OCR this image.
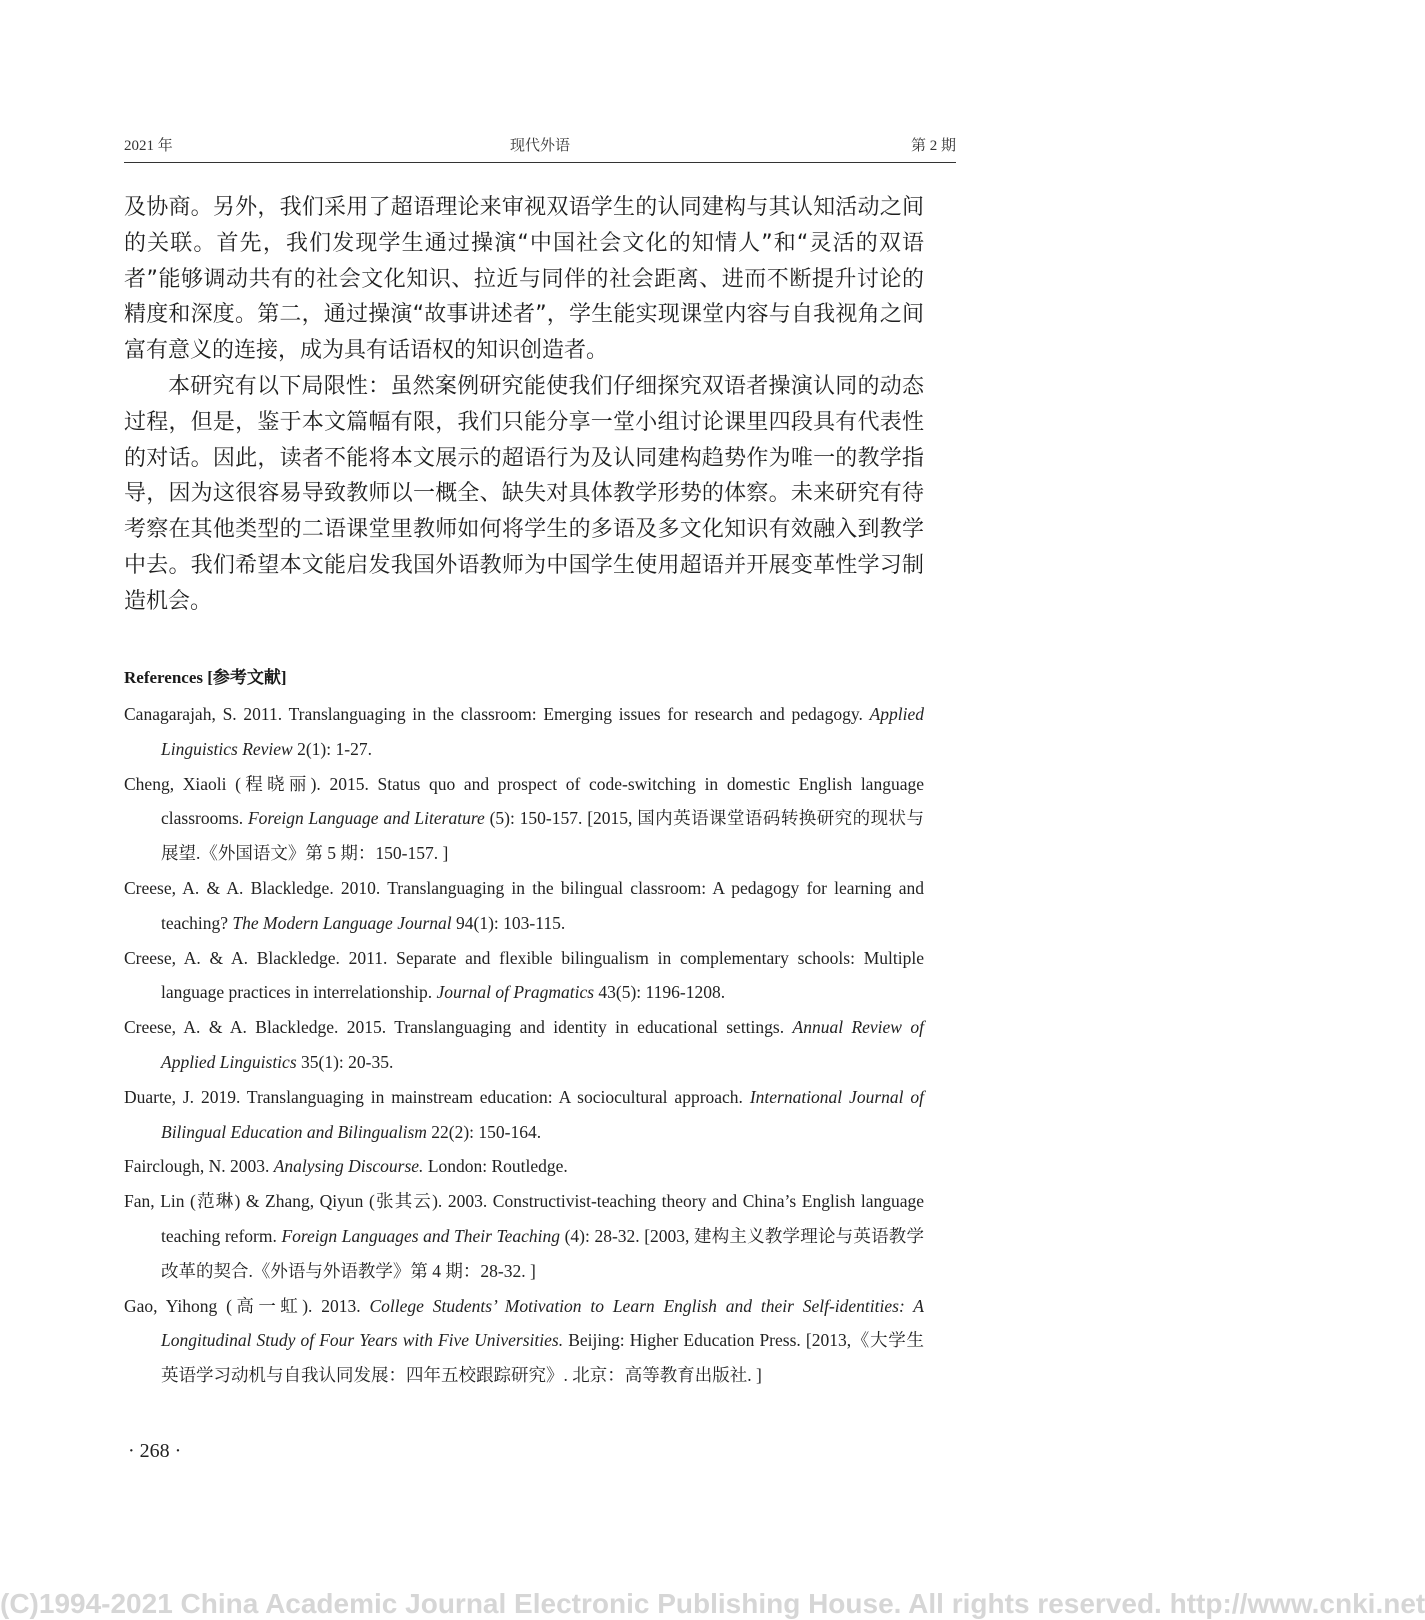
2021 年	现代外语	第 2 期

及协商。另外，我们采用了超语理论来审视双语学生的认同建构与其认知活动之间的关联。首先，我们发现学生通过操演“中国社会文化的知情人”和“灵活的双语者”能够调动共有的社会文化知识、拉近与同伴的社会距离、进而不断提升讨论的精度和深度。第二，通过操演“故事讲述者”，学生能实现课堂内容与自我视角之间富有意义的连接，成为具有话语权的知识创造者。

本研究有以下局限性：虽然案例研究能使我们仔细探究双语者操演认同的动态过程，但是，鉴于本文篇幅有限，我们只能分享一堂小组讨论课里四段具有代表性的对话。因此，读者不能将本文展示的超语行为及认同建构趋势作为唯一的教学指导，因为这很容易导致教师以一概全、缺失对具体教学形势的体察。未来研究有待考察在其他类型的二语课堂里教师如何将学生的多语及多文化知识有效融入到教学中去。我们希望本文能启发我国外语教师为中国学生使用超语并开展变革性学习制造机会。

References [参考文献]
Canagarajah, S. 2011. Translanguaging in the classroom: Emerging issues for research and pedagogy. Applied Linguistics Review 2(1): 1-27.
Cheng, Xiaoli (程晓丽). 2015. Status quo and prospect of code-switching in domestic English language classrooms. Foreign Language and Literature (5): 150-157. [2015, 国内英语课堂语码转换研究的现状与展望.《外国语文》第 5 期：150-157. ]
Creese, A. & A. Blackledge. 2010. Translanguaging in the bilingual classroom: A pedagogy for learning and teaching? The Modern Language Journal 94(1): 103-115.
Creese, A. & A. Blackledge. 2011. Separate and flexible bilingualism in complementary schools: Multiple language practices in interrelationship. Journal of Pragmatics 43(5): 1196-1208.
Creese, A. & A. Blackledge. 2015. Translanguaging and identity in educational settings. Annual Review of Applied Linguistics 35(1): 20-35.
Duarte, J. 2019. Translanguaging in mainstream education: A sociocultural approach. International Journal of Bilingual Education and Bilingualism 22(2): 150-164.
Fairclough, N. 2003. Analysing Discourse. London: Routledge.
Fan, Lin (范琳) & Zhang, Qiyun (张其云). 2003. Constructivist-teaching theory and China’s English language teaching reform. Foreign Languages and Their Teaching (4): 28-32. [2003, 建构主义教学理论与英语教学改革的契合.《外语与外语教学》第 4 期：28-32. ]
Gao, Yihong (高一虹). 2013. College Students’ Motivation to Learn English and their Self-identities: A Longitudinal Study of Four Years with Five Universities. Beijing: Higher Education Press. [2013,《大学生英语学习动机与自我认同发展：四年五校跟踪研究》. 北京：高等教育出版社. ]
· 268 ·
(C)1994-2021 China Academic Journal Electronic Publishing House. All rights reserved. http://www.cnki.net
